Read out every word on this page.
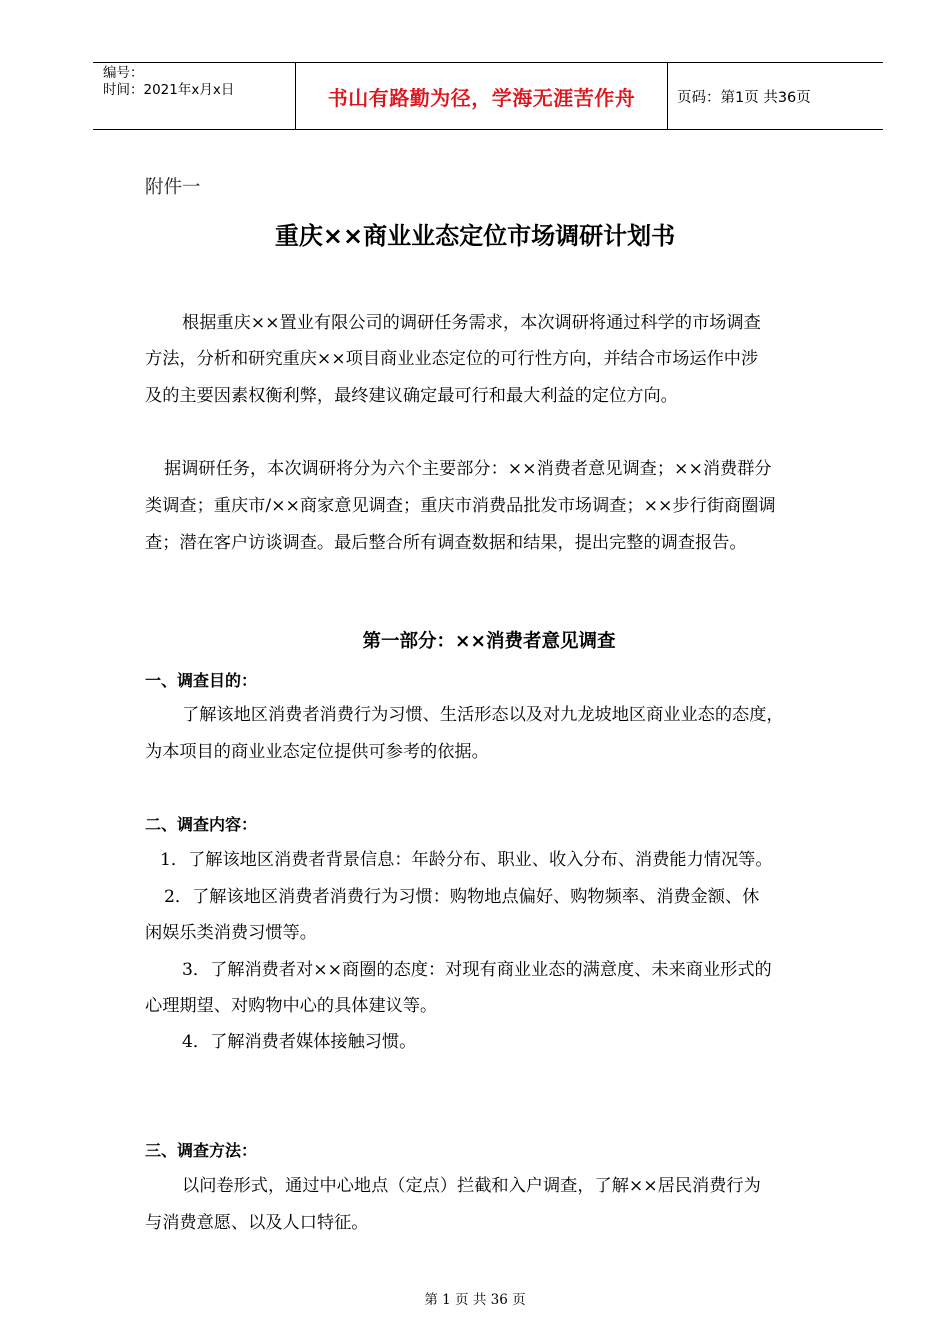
编号：
时间：2021年x月x日	书山有路勤为径，学海无涯苦作舟	页码：第1页 共36页
附件一
重庆××商业业态定位市场调研计划书
根据重庆××置业有限公司的调研任务需求，本次调研将通过科学的市场调查
方法，分析和研究重庆××项目商业业态定位的可行性方向，并结合市场运作中涉
及的主要因素权衡利弊，最终建议确定最可行和最大利益的定位方向。
据调研任务，本次调研将分为六个主要部分：××消费者意见调查；××消费群分
类调查；重庆市/××商家意见调查；重庆市消费品批发市场调查；××步行街商圈调
查；潜在客户访谈调查。最后整合所有调查数据和结果，提出完整的调查报告。
第一部分：××消费者意见调查
一、调查目的：
了解该地区消费者消费行为习惯、生活形态以及对九龙坡地区商业业态的态度，
为本项目的商业业态定位提供可参考的依据。
二、调查内容：
1．了解该地区消费者背景信息：年龄分布、职业、收入分布、消费能力情况等。
2．了解该地区消费者消费行为习惯：购物地点偏好、购物频率、消费金额、休
闲娱乐类消费习惯等。
3．了解消费者对××商圈的态度：对现有商业业态的满意度、未来商业形式的
心理期望、对购物中心的具体建议等。
4．了解消费者媒体接触习惯。
三、调查方法：
以问卷形式，通过中心地点（定点）拦截和入户调查，了解××居民消费行为
与消费意愿、以及人口特征。
第 1 页 共 36 页
